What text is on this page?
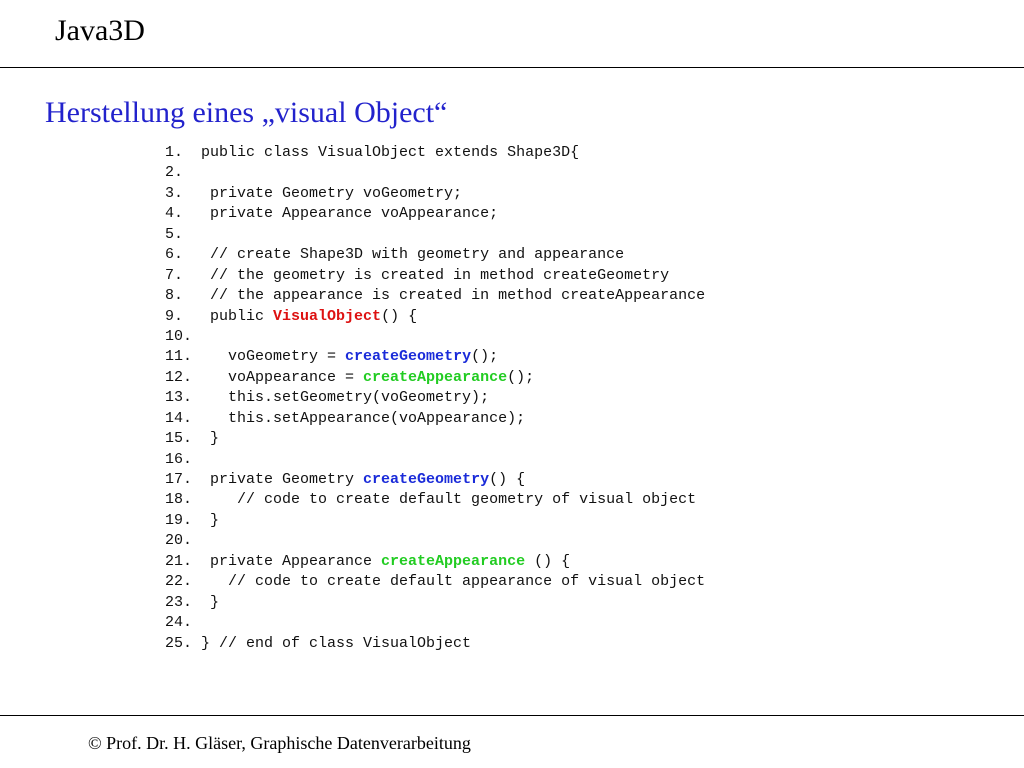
Java3D
Herstellung eines „visual Object“
1.  public class VisualObject extends Shape3D{
2.
3.   private Geometry voGeometry;
4.   private Appearance voAppearance;
5.
6.   // create Shape3D with geometry and appearance
7.   // the geometry is created in method createGeometry
8.   // the appearance is created in method createAppearance
9.   public VisualObject() {
10.
11.    voGeometry = createGeometry();
12.    voAppearance = createAppearance();
13.    this.setGeometry(voGeometry);
14.    this.setAppearance(voAppearance);
15.  }
16.
17.  private Geometry createGeometry() {
18.     // code to create default geometry of visual object
19.  }
20.
21.  private Appearance createAppearance () {
22.    // code to create default appearance of visual object
23.  }
24.
25. } // end of class VisualObject
© Prof. Dr. H. Gläser, Graphische Datenverarbeitung
